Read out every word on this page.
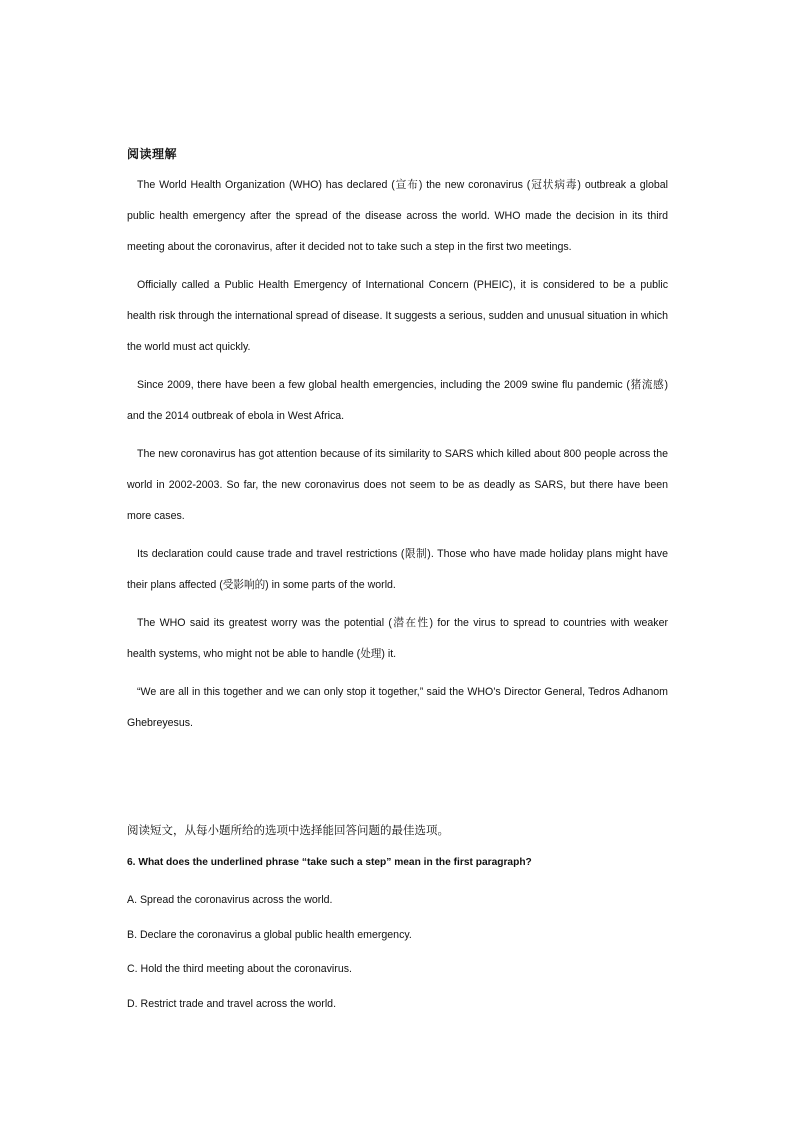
阅读理解

The World Health Organization (WHO) has declared (宣布) the new coronavirus (冠状病毒) outbreak a global public health emergency after the spread of the disease across the world. WHO made the decision in its third meeting about the coronavirus, after it decided not to take such a step in the first two meetings.

Officially called a Public Health Emergency of International Concern (PHEIC), it is considered to be a public health risk through the international spread of disease. It suggests a serious, sudden and unusual situation in which the world must act quickly.

Since 2009, there have been a few global health emergencies, including the 2009 swine flu pandemic (猪流感) and the 2014 outbreak of ebola in West Africa.

The new coronavirus has got attention because of its similarity to SARS which killed about 800 people across the world in 2002-2003. So far, the new coronavirus does not seem to be as deadly as SARS, but there have been more cases.

Its declaration could cause trade and travel restrictions (限制). Those who have made holiday plans might have their plans affected (受影响的) in some parts of the world.

The WHO said its greatest worry was the potential (潜在性) for the virus to spread to countries with weaker health systems, who might not be able to handle (处理) it.

“We are all in this together and we can only stop it together,” said the WHO’s Director General, Tedros Adhanom Ghebreyesus.

阅读短文，从每小题所给的选项中选择能回答问题的最佳选项。
6. What does the underlined phrase “take such a step” mean in the first paragraph?
A. Spread the coronavirus across the world.
B. Declare the coronavirus a global public health emergency.
C. Hold the third meeting about the coronavirus.
D. Restrict trade and travel across the world.
